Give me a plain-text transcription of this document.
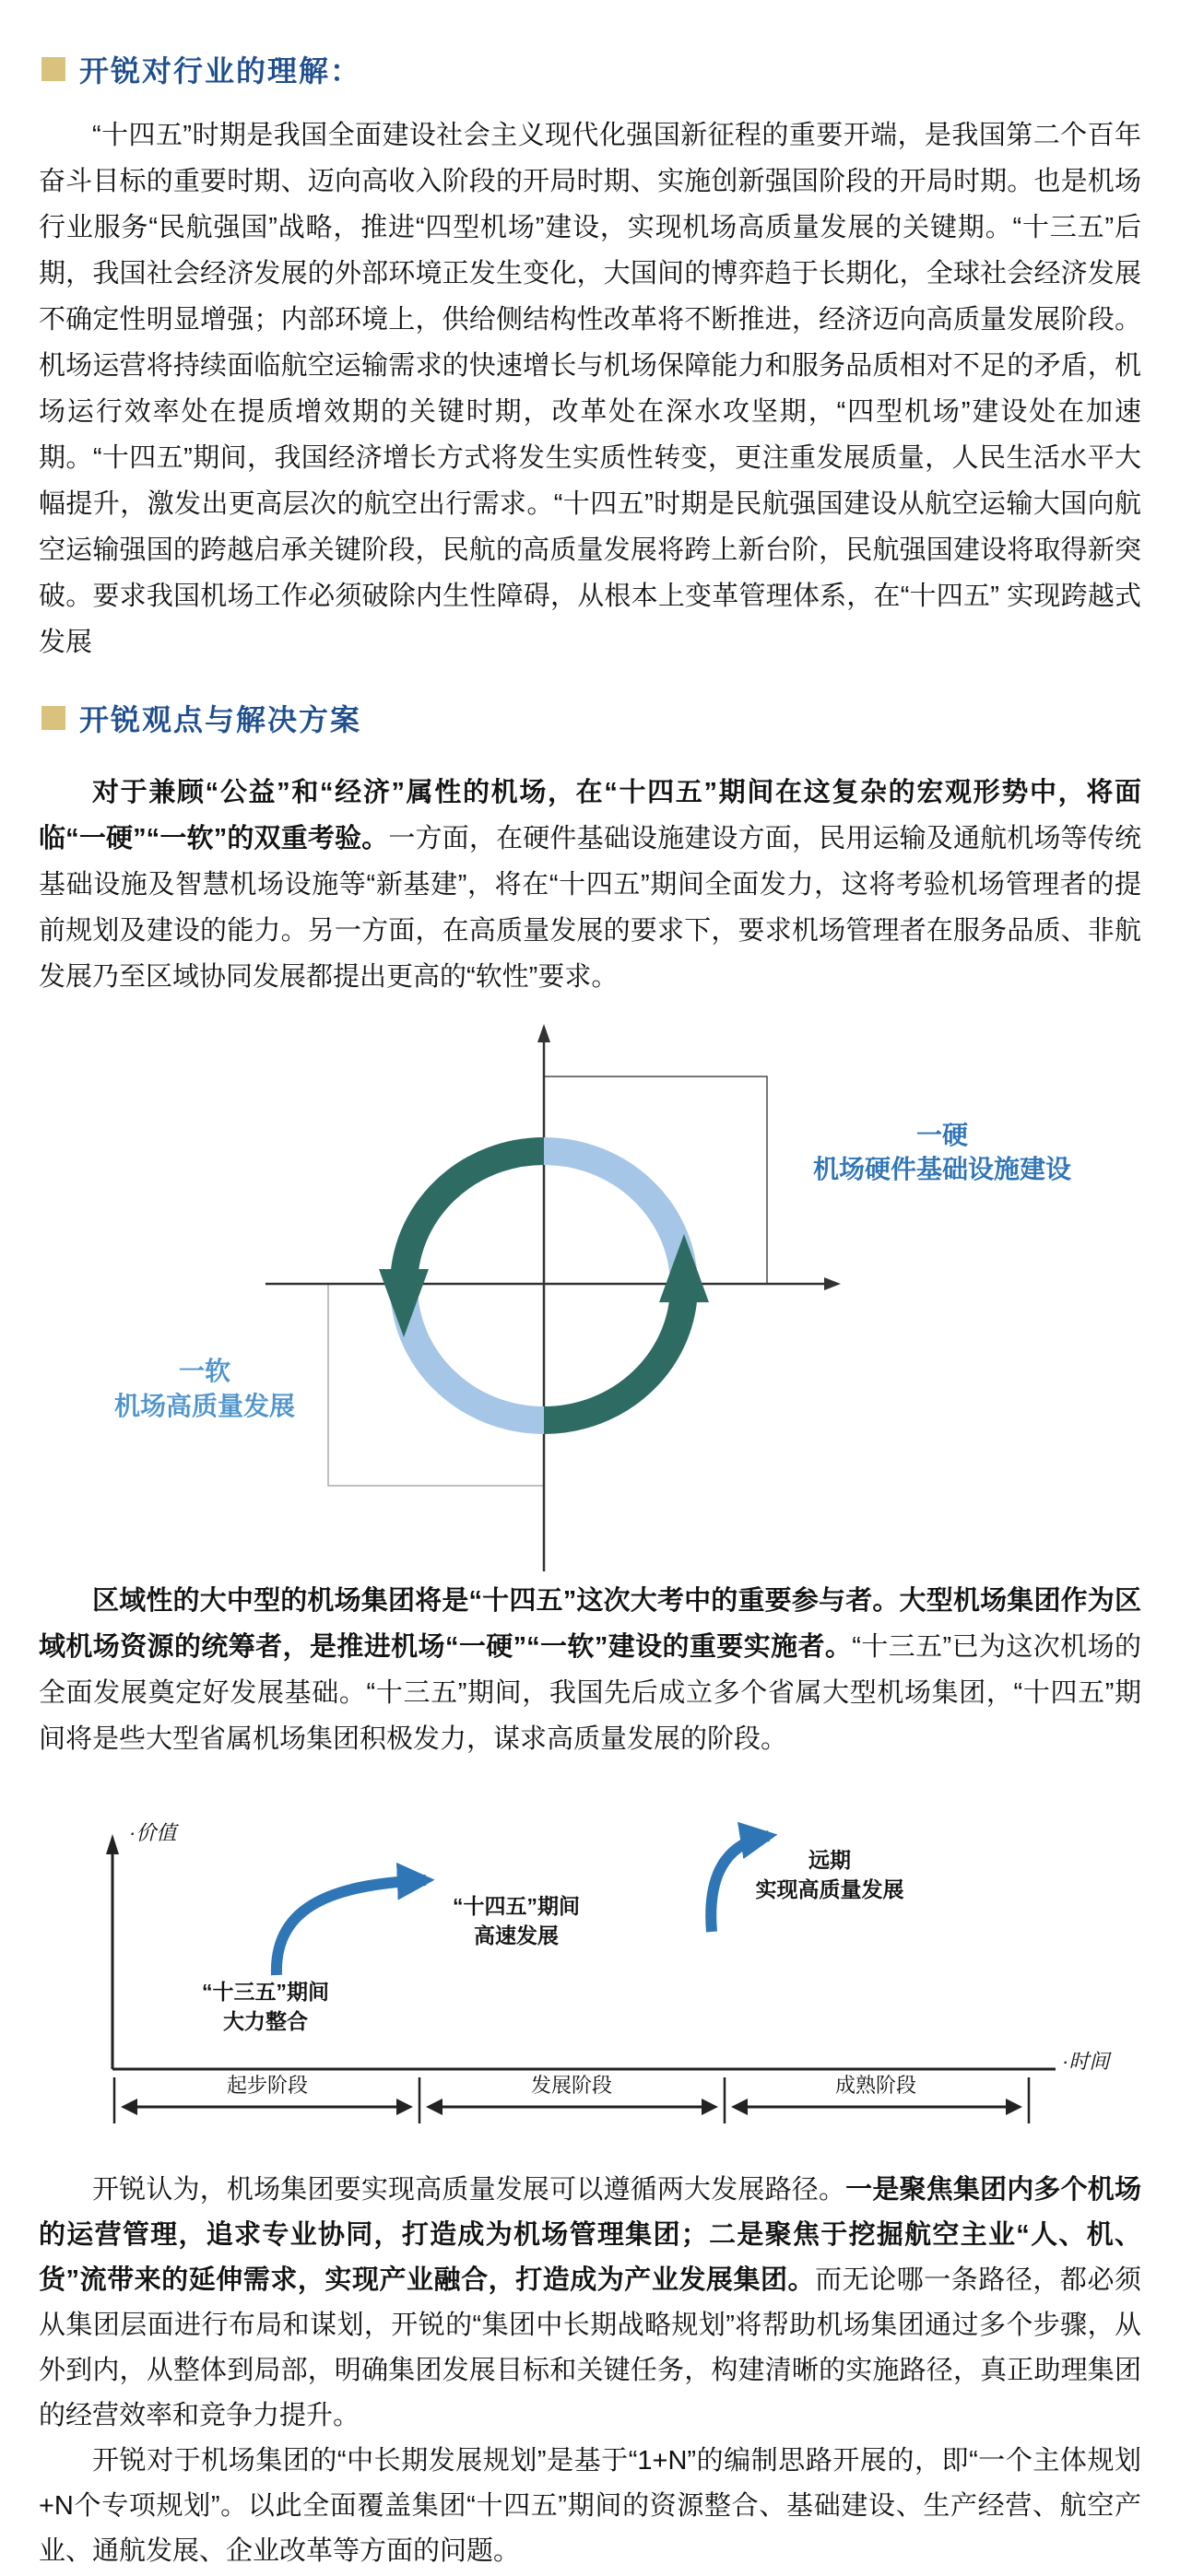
开锐对行业的理解：

“十四五”时期是我国全面建设社会主义现代化强国新征程的重要开端，是我国第二个百年奋斗目标的重要时期、迈向高收入阶段的开局时期、实施创新强国阶段的开局时期。也是机场行业服务“民航强国”战略，推进“四型机场”建设，实现机场高质量发展的关键期。“十三五”后期，我国社会经济发展的外部环境正发生变化，大国间的博弈趋于长期化，全球社会经济发展不确定性明显增强；内部环境上，供给侧结构性改革将不断推进，经济迈向高质量发展阶段。机场运营将持续面临航空运输需求的快速增长与机场保障能力和服务品质相对不足的矛盾，机场运行效率处在提质增效期的关键时期，改革处在深水攻坚期，“四型机场”建设处在加速期。“十四五”期间，我国经济增长方式将发生实质性转变，更注重发展质量，人民生活水平大幅提升，激发出更高层次的航空出行需求。“十四五”时期是民航强国建设从航空运输大国向航空运输强国的跨越启承关键阶段，民航的高质量发展将跨上新台阶，民航强国建设将取得新突破。要求我国机场工作必须破除内生性障碍，从根本上变革管理体系，在“十四五” 实现跨越式发展

开锐观点与解决方案

对于兼顾“公益”和“经济”属性的机场，在“十四五”期间在这复杂的宏观形势中，将面临“一硬”“一软”的双重考验。一方面，在硬件基础设施建设方面，民用运输及通航机场等传统基础设施及智慧机场设施等“新基建”，将在“十四五”期间全面发力，这将考验机场管理者的提前规划及建设的能力。另一方面，在高质量发展的要求下，要求机场管理者在服务品质、非航发展乃至区域协同发展都提出更高的“软性”要求。

一硬
机场硬件基础设施建设
一软
机场高质量发展

区域性的大中型的机场集团将是“十四五”这次大考中的重要参与者。大型机场集团作为区域机场资源的统筹者，是推进机场“一硬”“一软”建设的重要实施者。“十三五”已为这次机场的全面发展奠定好发展基础。“十三五”期间，我国先后成立多个省属大型机场集团，“十四五”期间将是些大型省属机场集团积极发力，谋求高质量发展的阶段。

·价值
·时间
“十三五”期间
大力整合
“十四五”期间
高速发展
远期
实现高质量发展
起步阶段	发展阶段	成熟阶段

开锐认为，机场集团要实现高质量发展可以遵循两大发展路径。一是聚焦集团内多个机场的运营管理，追求专业协同，打造成为机场管理集团；二是聚焦于挖掘航空主业“人、机、货”流带来的延伸需求，实现产业融合，打造成为产业发展集团。而无论哪一条路径，都必须从集团层面进行布局和谋划，开锐的“集团中长期战略规划”将帮助机场集团通过多个步骤，从外到内，从整体到局部，明确集团发展目标和关键任务，构建清晰的实施路径，真正助理集团的经营效率和竞争力提升。

开锐对于机场集团的“中长期发展规划”是基于“1+N”的编制思路开展的，即“一个主体规划+N个专项规划”。以此全面覆盖集团“十四五”期间的资源整合、基础建设、生产经营、航空产业、通航发展、企业改革等方面的问题。
